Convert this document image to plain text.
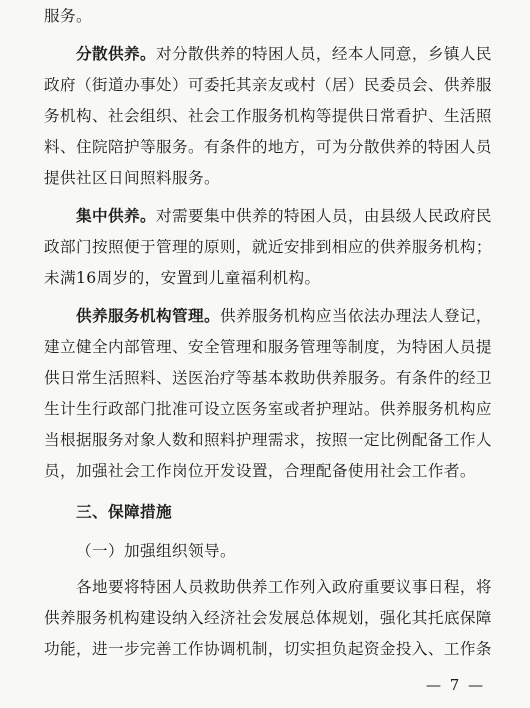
服务。
分散供养。对分散供养的特困人员，经本人同意，乡镇人民
政府（街道办事处）可委托其亲友或村（居）民委员会、供养服
务机构、社会组织、社会工作服务机构等提供日常看护、生活照
料、住院陪护等服务。有条件的地方，可为分散供养的特困人员
提供社区日间照料服务。
集中供养。对需要集中供养的特困人员，由县级人民政府民
政部门按照便于管理的原则，就近安排到相应的供养服务机构；
未满16周岁的，安置到儿童福利机构。
供养服务机构管理。供养服务机构应当依法办理法人登记，
建立健全内部管理、安全管理和服务管理等制度，为特困人员提
供日常生活照料、送医治疗等基本救助供养服务。有条件的经卫
生计生行政部门批准可设立医务室或者护理站。供养服务机构应
当根据服务对象人数和照料护理需求，按照一定比例配备工作人
员，加强社会工作岗位开发设置，合理配备使用社会工作者。
三、保障措施
（一）加强组织领导。
各地要将特困人员救助供养工作列入政府重要议事日程，将
供养服务机构建设纳入经济社会发展总体规划，强化其托底保障
功能，进一步完善工作协调机制，切实担负起资金投入、工作条
— 7 —
